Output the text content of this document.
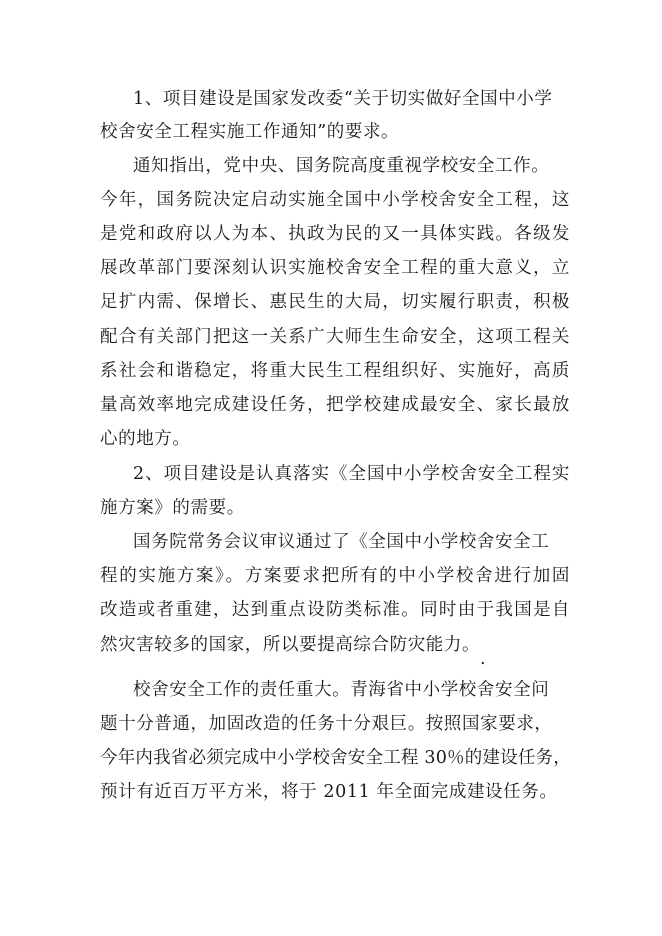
1、项目建设是国家发改委“关于切实做好全国中小学
校舍安全工程实施工作通知”的要求。
通知指出，党中央、国务院高度重视学校安全工作。
今年，国务院决定启动实施全国中小学校舍安全工程，这
是党和政府以人为本、执政为民的又一具体实践。各级发
展改革部门要深刻认识实施校舍安全工程的重大意义，立
足扩内需、保增长、惠民生的大局，切实履行职责，积极
配合有关部门把这一关系广大师生生命安全，这项工程关
系社会和谐稳定，将重大民生工程组织好、实施好，高质
量高效率地完成建设任务，把学校建成最安全、家长最放
心的地方。
2、项目建设是认真落实《全国中小学校舍安全工程实
施方案》的需要。
国务院常务会议审议通过了《全国中小学校舍安全工
程的实施方案》。方案要求把所有的中小学校舍进行加固
改造或者重建，达到重点设防类标准。同时由于我国是自
然灾害较多的国家，所以要提高综合防灾能力。
.
校舍安全工作的责任重大。青海省中小学校舍安全问
题十分普通，加固改造的任务十分艰巨。按照国家要求，
今年内我省必须完成中小学校舍安全工程 30％的建设任务，
预计有近百万平方米，将于 2011 年全面完成建设任务。
